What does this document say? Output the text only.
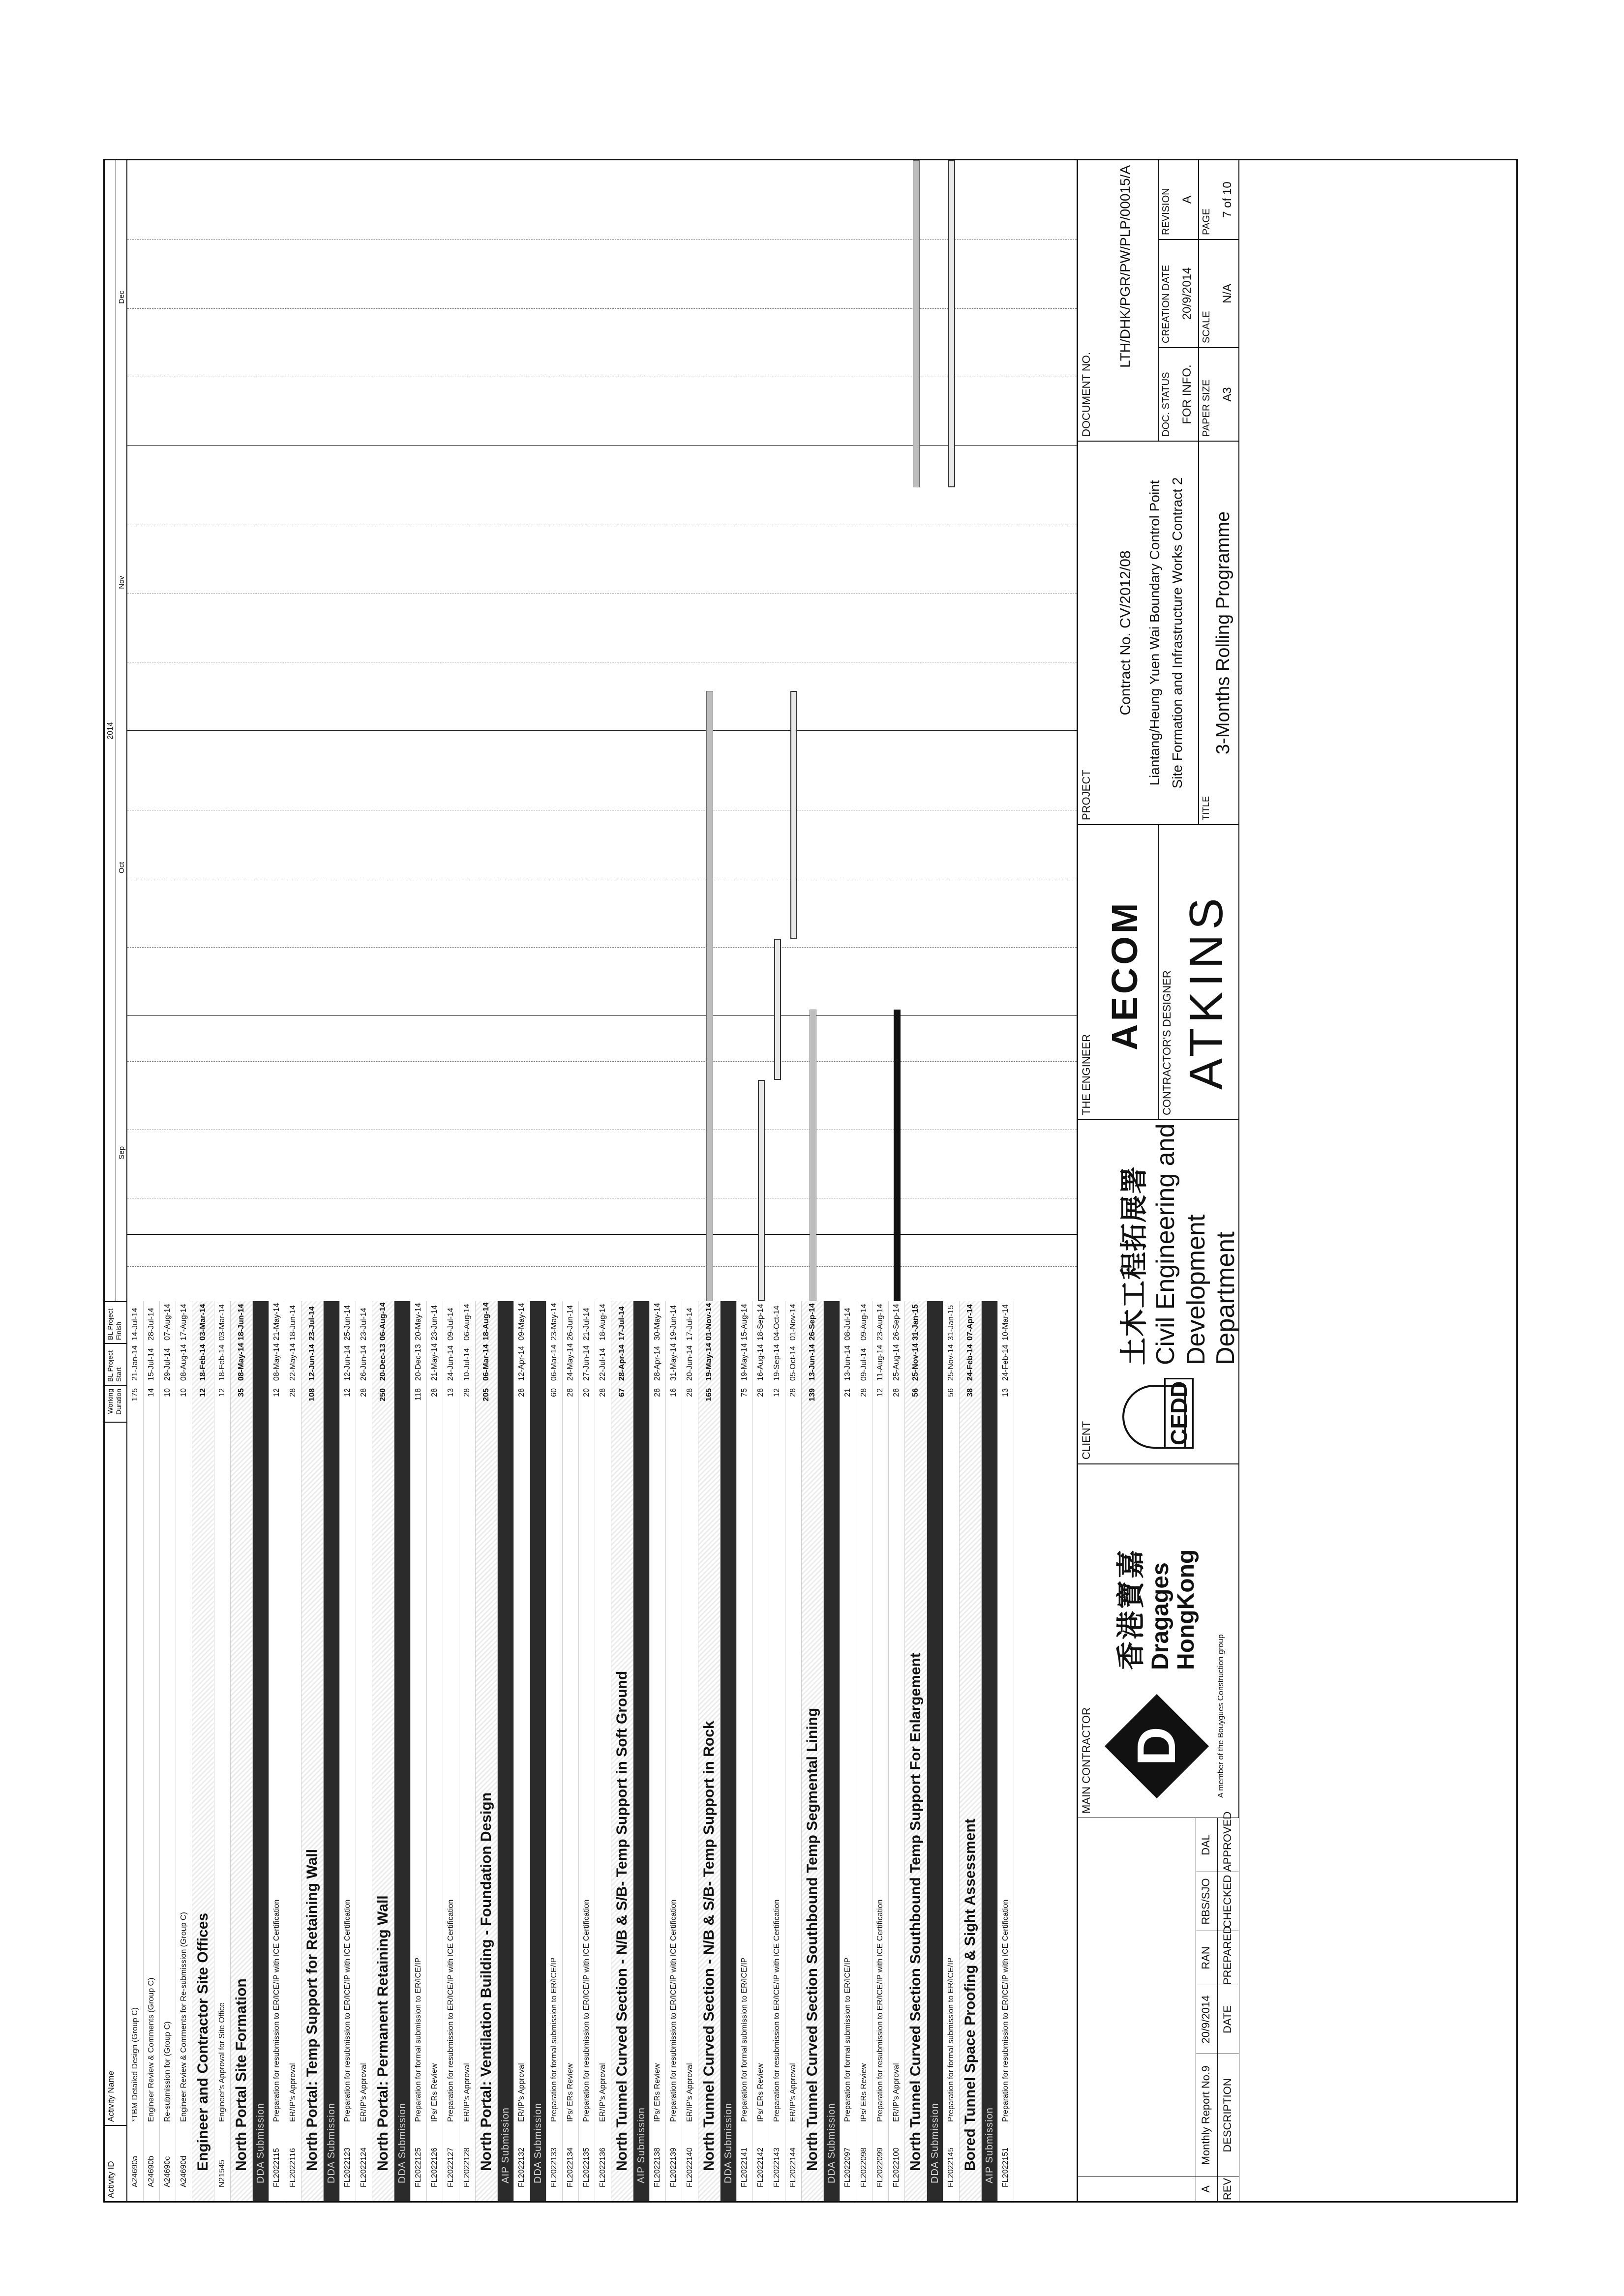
Activity ID
Activity Name
Working Duration
BL Project Start
BL Project Finish
2014
Sep
Oct
Nov
Dec
A24690a
*TBM Detailed Design (Group C)
175
21-Jan-14
14-Jul-14
A24690b
Engineer Review & Comments (Group C)
14
15-Jul-14
28-Jul-14
A24690c
Re-submission for (Group C)
10
29-Jul-14
07-Aug-14
A24690d
Engineer Review & Comments for Re-submission (Group C)
10
08-Aug-14
17-Aug-14
Engineer and Contractor Site Offices
12
18-Feb-14
03-Mar-14
N21545
Engineer's Approval for Site Office
12
18-Feb-14
03-Mar-14
North Portal Site Formation
35
08-May-14
18-Jun-14
DDA Submission FL2022115
Preparation for resubmission to ER/ICE/IP with ICE Certification
12
08-May-14
21-May-14
FL2022116
ER/IP's Approval
28
22-May-14
18-Jun-14
North Portal: Temp Support for Retaining Wall
108
12-Jun-14
23-Jul-14
DDA Submission FL2022123
Preparation for resubmission to ER/ICE/IP with ICE Certification
12
12-Jun-14
25-Jun-14
FL2022124
ER/IP's Approval
28
26-Jun-14
23-Jul-14
North Portal: Permanent Retaining Wall
250
20-Dec-13
06-Aug-14
DDA Submission FL2022125
Preparation for formal submission to ER/ICE/IP
118
20-Dec-13
20-May-14
FL2022126
IPs/ ERs Review
28
21-May-14
23-Jun-14
FL2022127
Preparation for resubmission to ER/ICE/IP with ICE Certification
13
24-Jun-14
09-Jul-14
FL2022128
ER/IP's Approval
28
10-Jul-14
06-Aug-14
North Portal: Ventilation Building - Foundation Design
205
06-Mar-14
18-Aug-14
AIP Submission FL2022132
ER/IP's Approval
28
12-Apr-14
09-May-14
DDA Submission FL2022133
Preparation for formal submission to ER/ICE/IP
60
06-Mar-14
23-May-14
FL2022134
IPs/ ERs Review
28
24-May-14
26-Jun-14
FL2022135
Preparation for resubmission to ER/ICE/IP with ICE Certification
20
27-Jun-14
21-Jul-14
FL2022136
ER/IP's Approval
28
22-Jul-14
18-Aug-14
North Tunnel Curved Section - N/B & S/B- Temp Support in Soft Ground
67
28-Apr-14
17-Jul-14
AIP Submission FL2022138
IPs/ ERs Review
28
28-Apr-14
30-May-14
FL2022139
Preparation for resubmission to ER/ICE/IP with ICE Certification
16
31-May-14
19-Jun-14
FL2022140
ER/IP's Approval
28
20-Jun-14
17-Jul-14
North Tunnel Curved Section - N/B & S/B- Temp Support in Rock
165
19-May-14
01-Nov-14
DDA Submission FL2022141
Preparation for formal submission to ER/ICE/IP
75
19-May-14
15-Aug-14
FL2022142
IPs/ ERs Review
28
16-Aug-14
18-Sep-14
FL2022143
Preparation for resubmission to ER/ICE/IP with ICE Certification
12
19-Sep-14
04-Oct-14
FL2022144
ER/IP's Approval
28
05-Oct-14
01-Nov-14
North Tunnel Curved Section Southbound Temp Segmental Lining
139
13-Jun-14
26-Sep-14
DDA Submission FL2022097
Preparation for formal submission to ER/ICE/IP
21
13-Jun-14
08-Jul-14
FL2022098
IPs/ ERs Review
28
09-Jul-14
09-Aug-14
FL2022099
Preparation for resubmission to ER/ICE/IP with ICE Certification
12
11-Aug-14
23-Aug-14
FL2022100
ER/IP's Approval
28
25-Aug-14
26-Sep-14
North Tunnel Curved Section Southbound Temp Support For Enlargement
56
25-Nov-14
31-Jan-15
DDA Submission FL2022145
Preparation for formal submission to ER/ICE/IP
56
25-Nov-14
31-Jan-15
Bored Tunnel Space Proofing & Sight Assessment
38
24-Feb-14
07-Apr-14
AIP Submission FL2022151
Preparation for resubmission to ER/ICE/IP with ICE Certification
13
24-Feb-14
10-Mar-14
A
Monthly Report No.9
20/9/2014
RAN
RBS/SJO
DAL
REV
DESCRIPTION
DATE
PREPARED
CHECKED
APPROVED
MAIN CONTRACTOR D
香港寶嘉 Dragages HongKong
A member of the Bouygues Construction group
CLIENT	CEDD
土木工程拓展署 Civil Engineering and Development Department
THE ENGINEER
AECOM CONTRACTOR'S DESIGNER ATKINS
PROJECT
Contract No. CV/2012/08 Liantang/Heung Yuen Wai Boundary Control Point Site Formation and Infrastructure Works Contract 2
TITLE
3-Months Rolling Programme
DOCUMENT NO.
LTH/DHK/PGR/PW/PLP/00015/A
DOC. STATUS FOR INFO.
CREATION DATE 20/9/2014
REVISION A
PAPER SIZE A3
SCALE
N/A
PAGE
7 of 10
